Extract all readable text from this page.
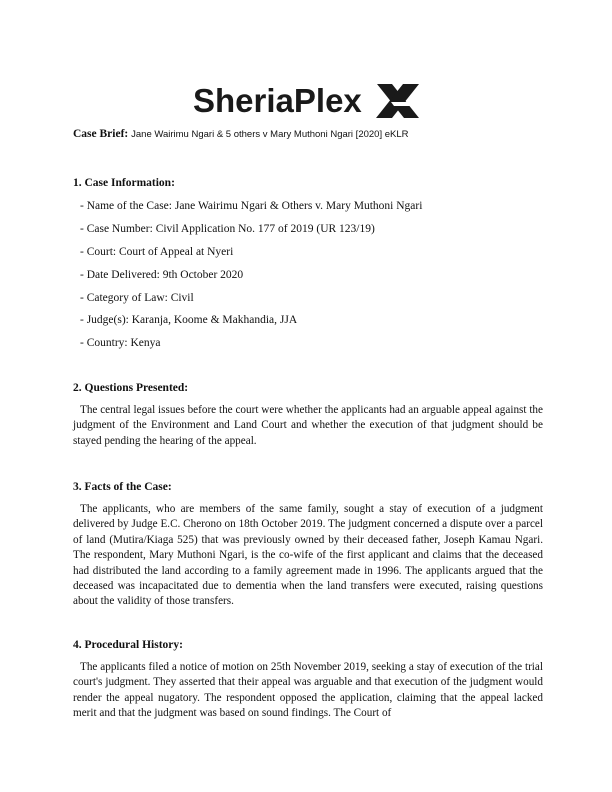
SheriaPlex
Case Brief: Jane Wairimu Ngari & 5 others v Mary Muthoni Ngari [2020] eKLR

1. Case Information:

- Name of the Case: Jane Wairimu Ngari & Others v. Mary Muthoni Ngari
- Case Number: Civil Application No. 177 of 2019 (UR 123/19)
- Court: Court of Appeal at Nyeri
- Date Delivered: 9th October 2020
- Category of Law: Civil
- Judge(s): Karanja, Koome & Makhandia, JJA
- Country: Kenya

2. Questions Presented:

The central legal issues before the court were whether the applicants had an arguable appeal against the judgment of the Environment and Land Court and whether the execution of that judgment should be stayed pending the hearing of the appeal.

3. Facts of the Case:

The applicants, who are members of the same family, sought a stay of execution of a judgment delivered by Judge E.C. Cherono on 18th October 2019. The judgment concerned a dispute over a parcel of land (Mutira/Kiaga 525) that was previously owned by their deceased father, Joseph Kamau Ngari. The respondent, Mary Muthoni Ngari, is the co-wife of the first applicant and claims that the deceased had distributed the land according to a family agreement made in 1996. The applicants argued that the deceased was incapacitated due to dementia when the land transfers were executed, raising questions about the validity of those transfers.

4. Procedural History:

The applicants filed a notice of motion on 25th November 2019, seeking a stay of execution of the trial court's judgment. They asserted that their appeal was arguable and that execution of the judgment would render the appeal nugatory. The respondent opposed the application, claiming that the appeal lacked merit and that the judgment was based on sound findings. The Court of
